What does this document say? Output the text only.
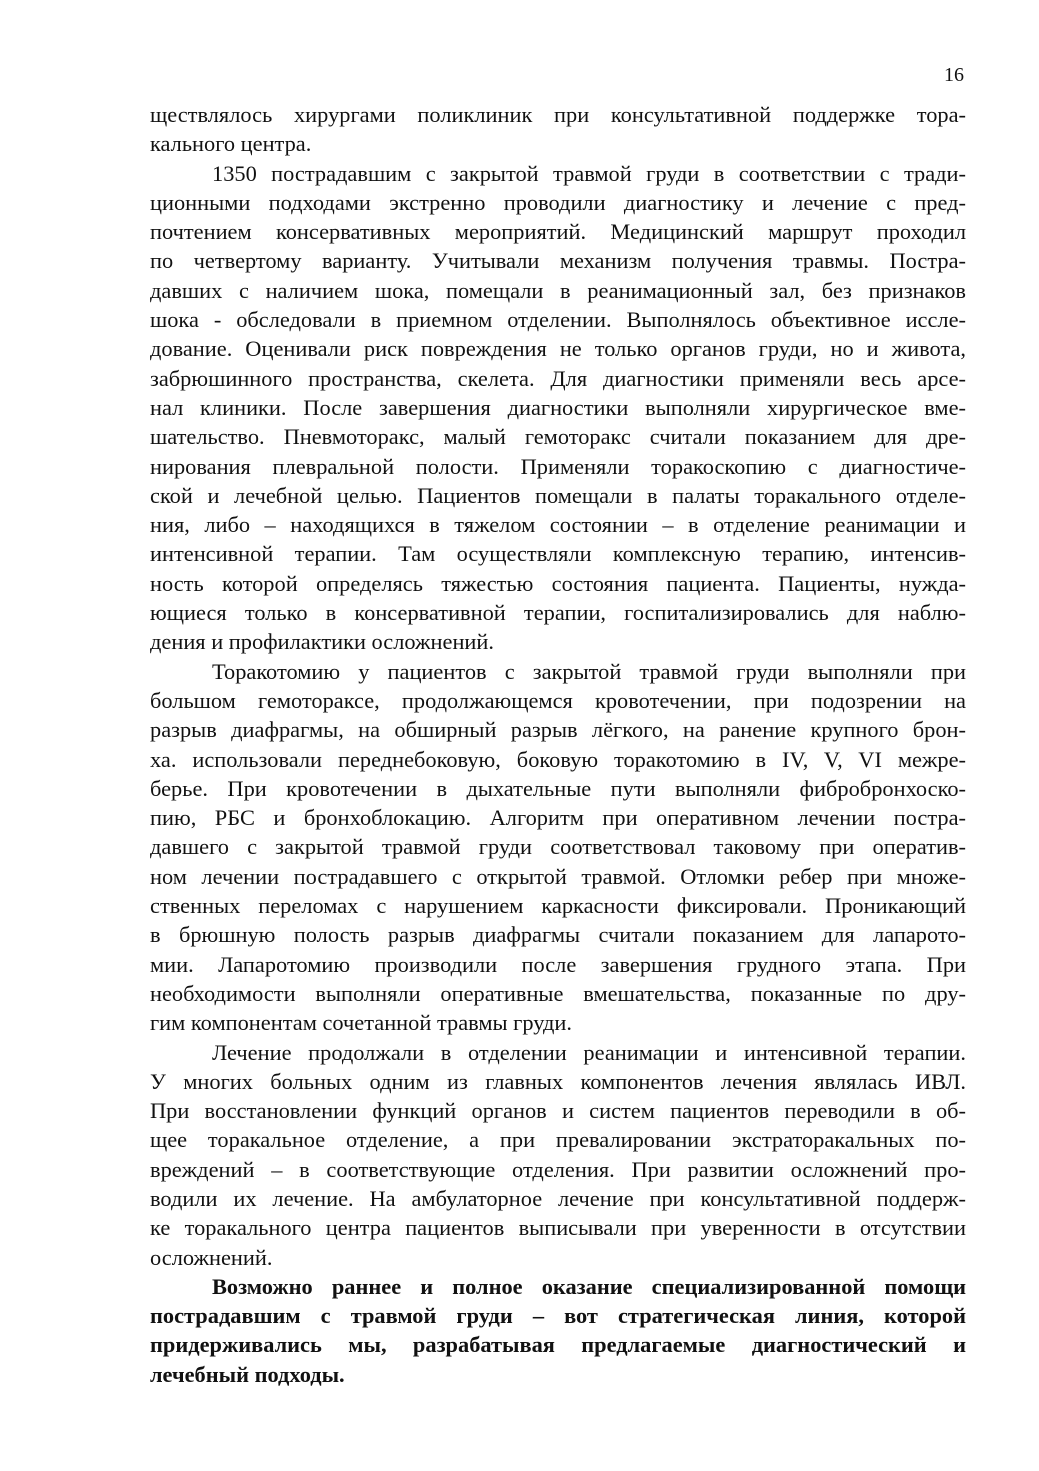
16
ществлялось хирургами поликлиник при консультативной поддержке тора-
кального центра.
1350 пострадавшим с закрытой травмой груди в соответствии с тради-
ционными подходами экстренно проводили диагностику и лечение с пред-
почтением консервативных мероприятий. Медицинский маршрут проходил
по четвертому варианту. Учитывали механизм получения травмы. Постра-
давших с наличием шока, помещали в реанимационный зал, без признаков
шока - обследовали в приемном отделении. Выполнялось объективное иссле-
дование. Оценивали риск повреждения не только органов груди, но и живота,
забрюшинного пространства, скелета. Для диагностики применяли весь арсе-
нал клиники. После завершения диагностики выполняли хирургическое вме-
шательство. Пневмоторакс, малый гемоторакс считали показанием для дре-
нирования плевральной полости. Применяли торакоскопию с диагностиче-
ской и лечебной целью. Пациентов помещали в палаты торакального отделе-
ния, либо – находящихся в тяжелом состоянии – в отделение реанимации и
интенсивной терапии. Там осуществляли комплексную терапию, интенсив-
ность которой определясь тяжестью состояния пациента. Пациенты, нужда-
ющиеся только в консервативной терапии, госпитализировались для наблю-
дения и профилактики осложнений.
Торакотомию у пациентов с закрытой травмой груди выполняли при
большом гемотораксе, продолжающемся кровотечении, при подозрении на
разрыв диафрагмы, на обширный разрыв лёгкого, на ранение крупного брон-
ха. использовали переднебоковую, боковую торакотомию в IV, V, VI межре-
берье. При кровотечении в дыхательные пути выполняли фибробронхоско-
пию, РБС и бронхоблокацию. Алгоритм при оперативном лечении постра-
давшего с закрытой травмой груди соответствовал таковому при оператив-
ном лечении пострадавшего с открытой травмой. Отломки ребер при множе-
ственных переломах с нарушением каркасности фиксировали. Проникающий
в брюшную полость разрыв диафрагмы считали показанием для лапарото-
мии. Лапаротомию производили после завершения грудного этапа. При
необходимости выполняли оперативные вмешательства, показанные по дру-
гим компонентам сочетанной травмы груди.
Лечение продолжали в отделении реанимации и интенсивной терапии.
У многих больных одним из главных компонентов лечения являлась ИВЛ.
При восстановлении функций органов и систем пациентов переводили в об-
щее торакальное отделение, а при превалировании экстраторакальных по-
вреждений – в соответствующие отделения. При развитии осложнений про-
водили их лечение. На амбулаторное лечение при консультативной поддерж-
ке торакального центра пациентов выписывали при уверенности в отсутствии
осложнений.
Возможно раннее и полное оказание специализированной помощи
пострадавшим с травмой груди – вот стратегическая линия, которой
придерживались мы, разрабатывая предлагаемые диагностический и
лечебный подходы.
